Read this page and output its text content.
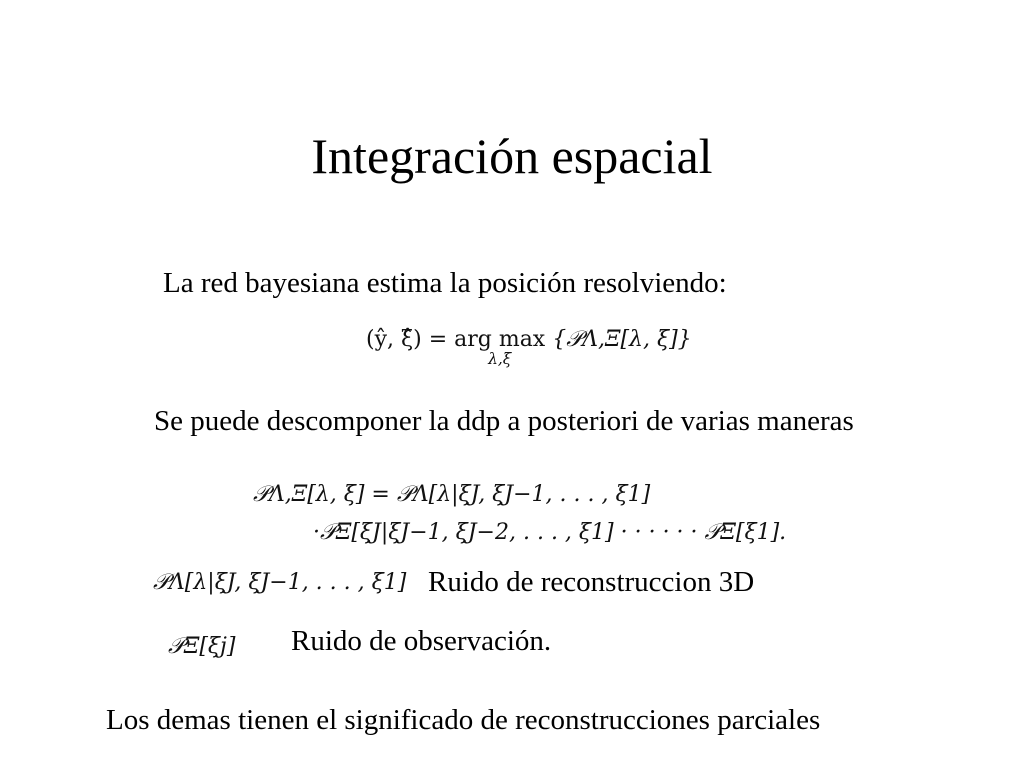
Integración espacial
La red bayesiana estima la posición resolviendo:
(ŷ, ξ̂) = arg max
λ,ξ
{𝒫Λ,Ξ[λ, ξ]}
Se puede descomponer la ddp a posteriori de varias maneras
𝒫Λ,Ξ[λ, ξ] = 𝒫Λ[λ|ξJ, ξJ−1, . . . , ξ1]
·𝒫Ξ[ξJ|ξJ−1, ξJ−2, . . . , ξ1] · · · · · · 𝒫Ξ[ξ1].
𝒫Λ[λ|ξJ, ξJ−1, . . . , ξ1] Ruido de reconstruccion 3D
𝒫Ξ[ξj] Ruido de observación.
Los demas tienen el significado de reconstrucciones parciales
